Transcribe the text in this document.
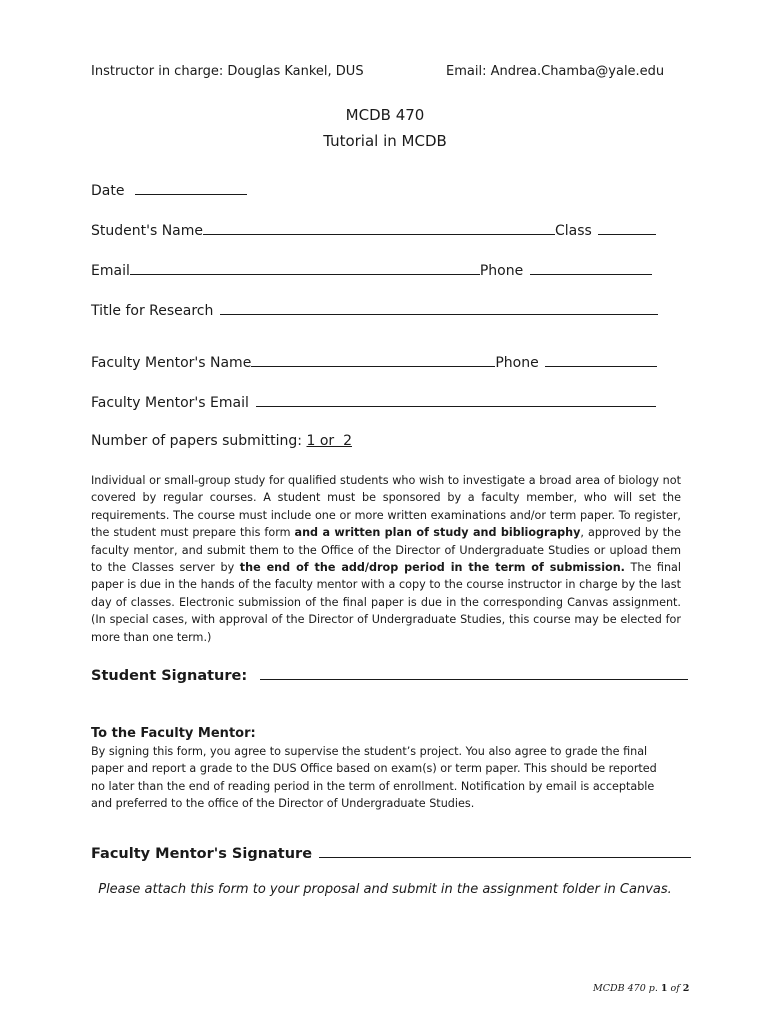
Instructor in charge: Douglas Kankel, DUS	Email: Andrea.Chamba@yale.edu
MCDB 470
Tutorial in MCDB
Date
Student's Name	Class
Email	Phone
Title for Research
Faculty Mentor's Name	Phone
Faculty Mentor's Email
Number of papers submitting: 1 or  2
Individual or small-group study for qualified students who wish to investigate a broad area of biology not covered by regular courses. A student must be sponsored by a faculty member, who will set the requirements. The course must include one or more written examinations and/or term paper. To register, the student must prepare this form and a written plan of study and bibliography, approved by the faculty mentor, and submit them to the Office of the Director of Undergraduate Studies or upload them to the Classes server by the end of the add/drop period in the term of submission. The final paper is due in the hands of the faculty mentor with a copy to the course instructor in charge by the last day of classes. Electronic submission of the final paper is due in the corresponding Canvas assignment. (In special cases, with approval of the Director of Undergraduate Studies, this course may be elected for more than one term.)
Student Signature:
To the Faculty Mentor:
By signing this form, you agree to supervise the student’s project. You also agree to grade the final paper and report a grade to the DUS Office based on exam(s) or term paper. This should be reported no later than the end of reading period in the term of enrollment. Notification by email is acceptable and preferred to the office of the Director of Undergraduate Studies.
Faculty Mentor's Signature
Please attach this form to your proposal and submit in the assignment folder in Canvas.
MCDB 470 p. 1 of 2
